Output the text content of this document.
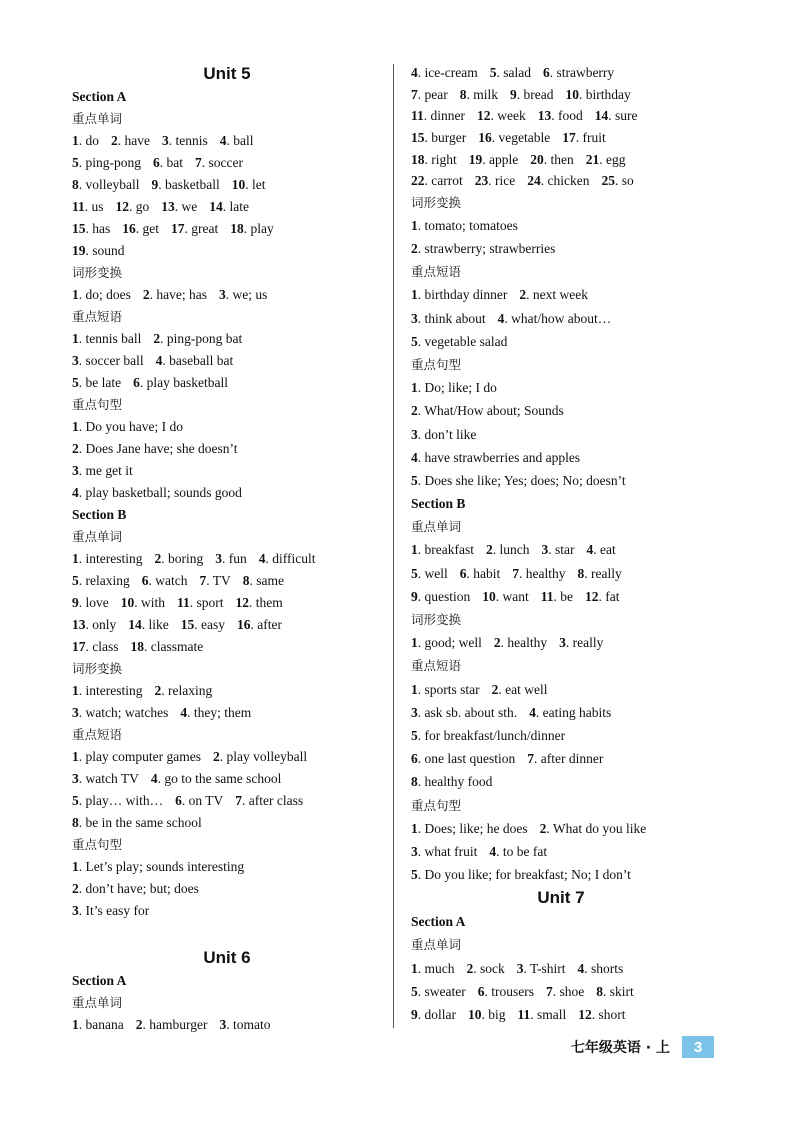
Unit 5
Section A
重点单词
1. do 2. have 3. tennis 4. ball
5. ping-pong 6. bat 7. soccer
8. volleyball 9. basketball 10. let
11. us 12. go 13. we 14. late
15. has 16. get 17. great 18. play
19. sound
词形变换
1. do; does 2. have; has 3. we; us
重点短语
1. tennis ball 2. ping-pong bat
3. soccer ball 4. baseball bat
5. be late 6. play basketball
重点句型
1. Do you have; I do
2. Does Jane have; she doesn’t
3. me get it
4. play basketball; sounds good
Section B
重点单词
1. interesting 2. boring 3. fun 4. difficult
5. relaxing 6. watch 7. TV 8. same
9. love 10. with 11. sport 12. them
13. only 14. like 15. easy 16. after
17. class 18. classmate
词形变换
1. interesting 2. relaxing
3. watch; watches 4. they; them
重点短语
1. play computer games 2. play volleyball
3. watch TV 4. go to the same school
5. play… with… 6. on TV 7. after class
8. be in the same school
重点句型
1. Let’s play; sounds interesting
2. don’t have; but; does
3. It’s easy for
Unit 6
Section A
重点单词
1. banana 2. hamburger 3. tomato
4. ice-cream 5. salad 6. strawberry
7. pear 8. milk 9. bread 10. birthday
11. dinner 12. week 13. food 14. sure
15. burger 16. vegetable 17. fruit
18. right 19. apple 20. then 21. egg
22. carrot 23. rice 24. chicken 25. so
词形变换
1. tomato; tomatoes
2. strawberry; strawberries
重点短语
1. birthday dinner 2. next week
3. think about 4. what/how about…
5. vegetable salad
重点句型
1. Do; like; I do
2. What/How about; Sounds
3. don’t like
4. have strawberries and apples
5. Does she like; Yes; does; No; doesn’t
Section B
重点单词
1. breakfast 2. lunch 3. star 4. eat
5. well 6. habit 7. healthy 8. really
9. question 10. want 11. be 12. fat
词形变换
1. good; well 2. healthy 3. really
重点短语
1. sports star 2. eat well
3. ask sb. about sth. 4. eating habits
5. for breakfast/lunch/dinner
6. one last question 7. after dinner
8. healthy food
重点句型
1. Does; like; he does 2. What do you like
3. what fruit 4. to be fat
5. Do you like; for breakfast; No; I don’t
Unit 7
Section A
重点单词
1. much 2. sock 3. T-shirt 4. shorts
5. sweater 6. trousers 7. shoe 8. skirt
9. dollar 10. big 11. small 12. short
七年级英语 · 上	3
